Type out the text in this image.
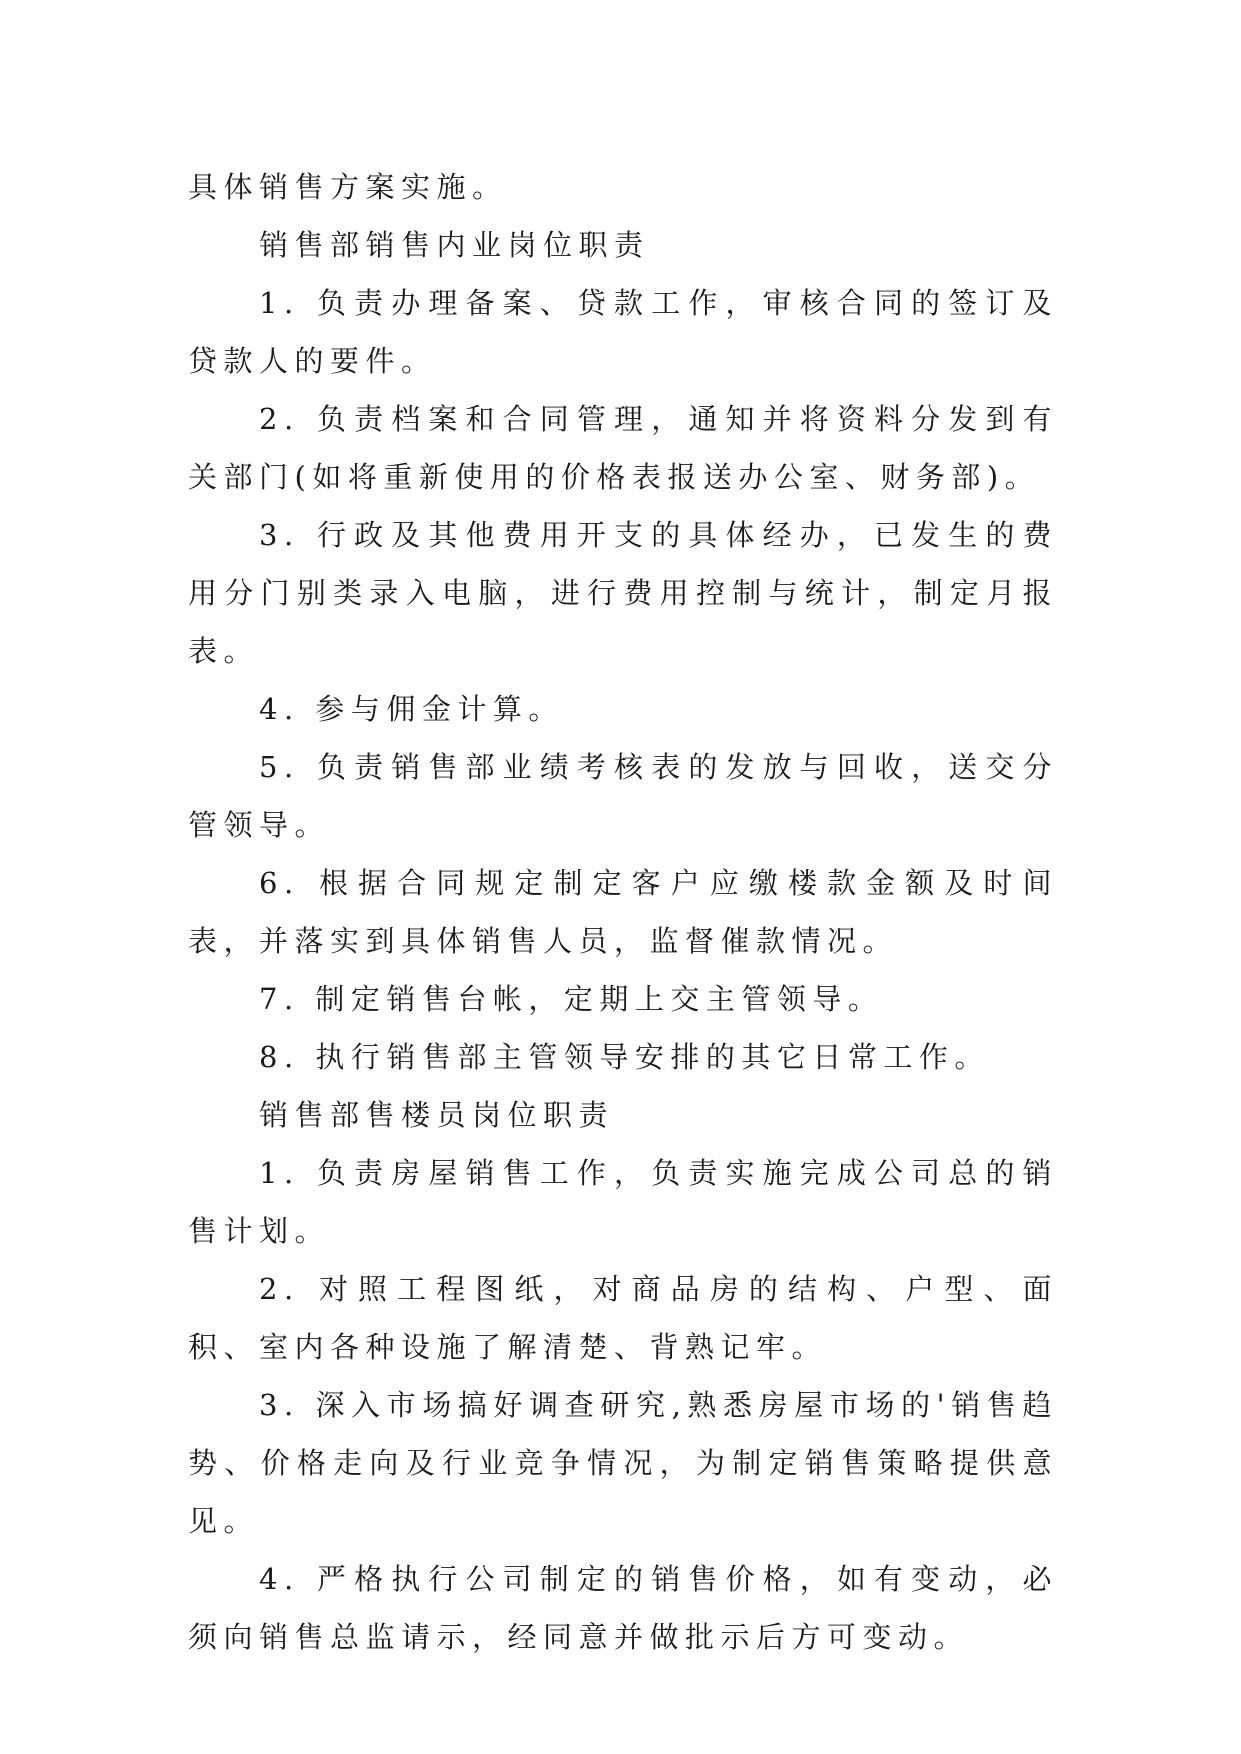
具体销售方案实施。

销售部销售内业岗位职责

1. 负责办理备案、贷款工作，审核合同的签订及贷款人的要件。

2. 负责档案和合同管理，通知并将资料分发到有关部门(如将重新使用的价格表报送办公室、财务部)。

3. 行政及其他费用开支的具体经办，已发生的费用分门别类录入电脑，进行费用控制与统计，制定月报表。

4. 参与佣金计算。

5. 负责销售部业绩考核表的发放与回收，送交分管领导。

6. 根据合同规定制定客户应缴楼款金额及时间表，并落实到具体销售人员，监督催款情况。

7. 制定销售台帐，定期上交主管领导。

8. 执行销售部主管领导安排的其它日常工作。

销售部售楼员岗位职责

1. 负责房屋销售工作，负责实施完成公司总的销售计划。

2. 对照工程图纸，对商品房的结构、户型、面积、室内各种设施了解清楚、背熟记牢。

3. 深入市场搞好调查研究,熟悉房屋市场的'销售趋势、价格走向及行业竞争情况，为制定销售策略提供意见。

4. 严格执行公司制定的销售价格，如有变动，必须向销售总监请示，经同意并做批示后方可变动。
